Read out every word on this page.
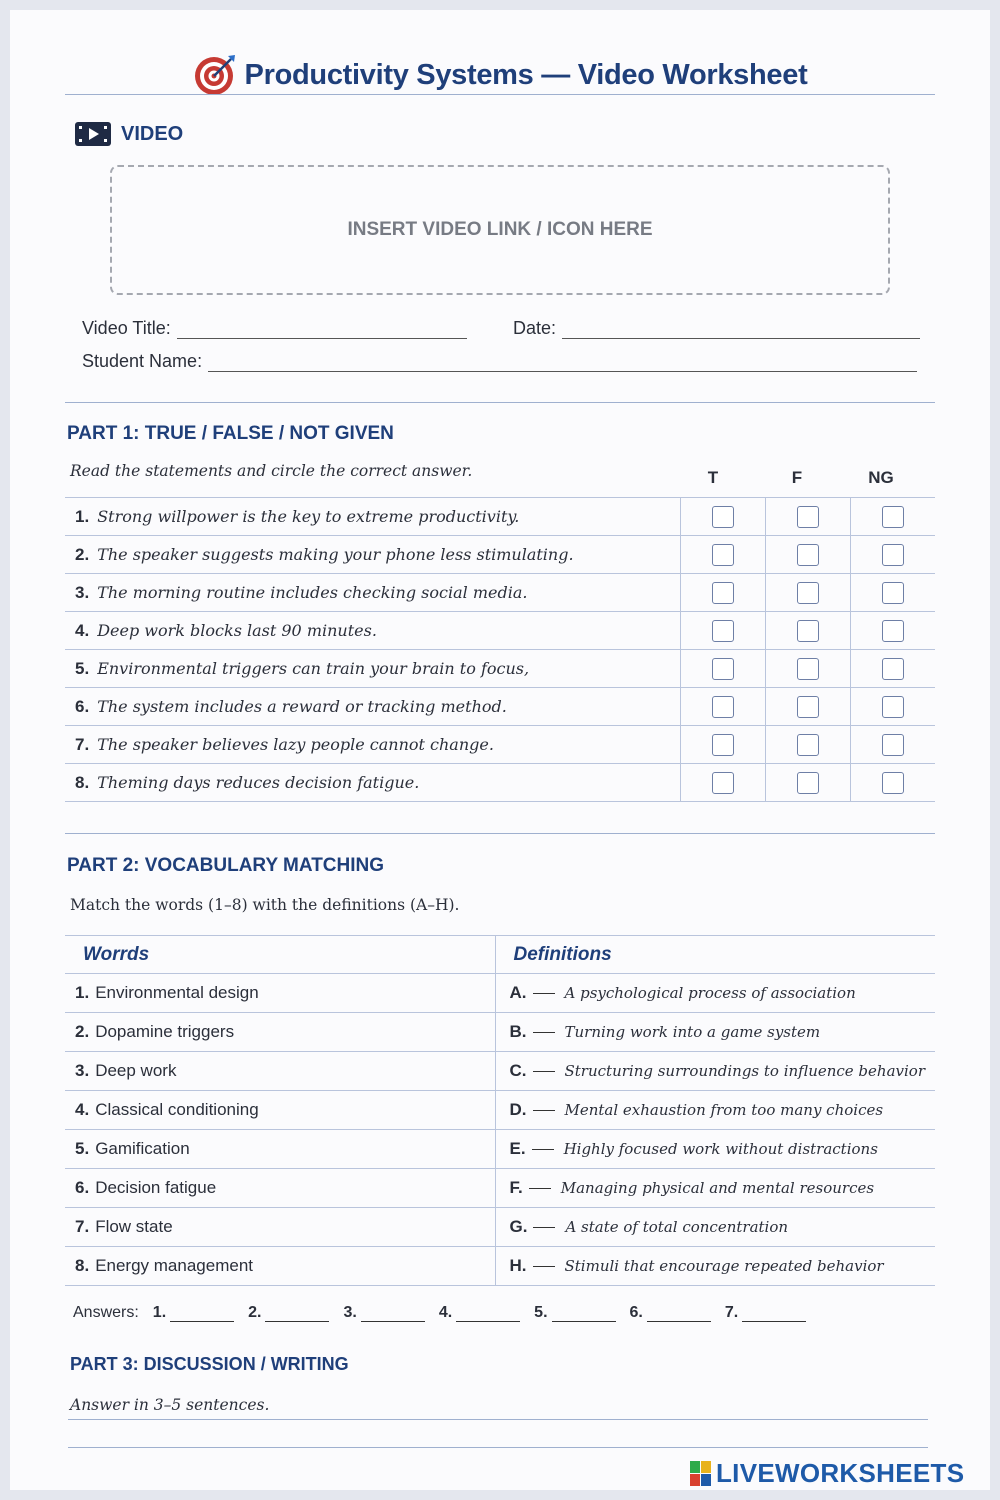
Productivity Systems — Video Worksheet
VIDEO
INSERT VIDEO LINK / ICON HERE
Video Title:	Date:
Student Name:
PART 1: TRUE / FALSE / NOT GIVEN
Read the statements and circle the correct answer.	T	F	NG
1. Strong willpower is the key to extreme productivity.			
2. The speaker suggests making your phone less stimulating.			
3. The morning routine includes checking social media.			
4. Deep work blocks last 90 minutes.			
5. Environmental triggers can train your brain to focus,			
6. The system includes a reward or tracking method.			
7. The speaker believes lazy people cannot change.			
8. Theming days reduces decision fatigue.			
PART 2: VOCABULARY MATCHING
Match the words (1–8) with the definitions (A–H).
Worrds	Definitions
1. Environmental design	A. A psychological process of association
2. Dopamine triggers	B. Turning work into a game system
3. Deep work	C. Structuring surroundings to influence behavior
4. Classical conditioning	D. Mental exhaustion from too many choices
5. Gamification	E. Highly focused work without distractions
6. Decision fatigue	F. Managing physical and mental resources
7. Flow state	G. A state of total concentration
8. Energy management	H. Stimuli that encourage repeated behavior
Answers: 1.	2.	3.	4.	5.	6.	7.
PART 3: DISCUSSION / WRITING
Answer in 3–5 sentences.
LIVEWORKSHEETS
